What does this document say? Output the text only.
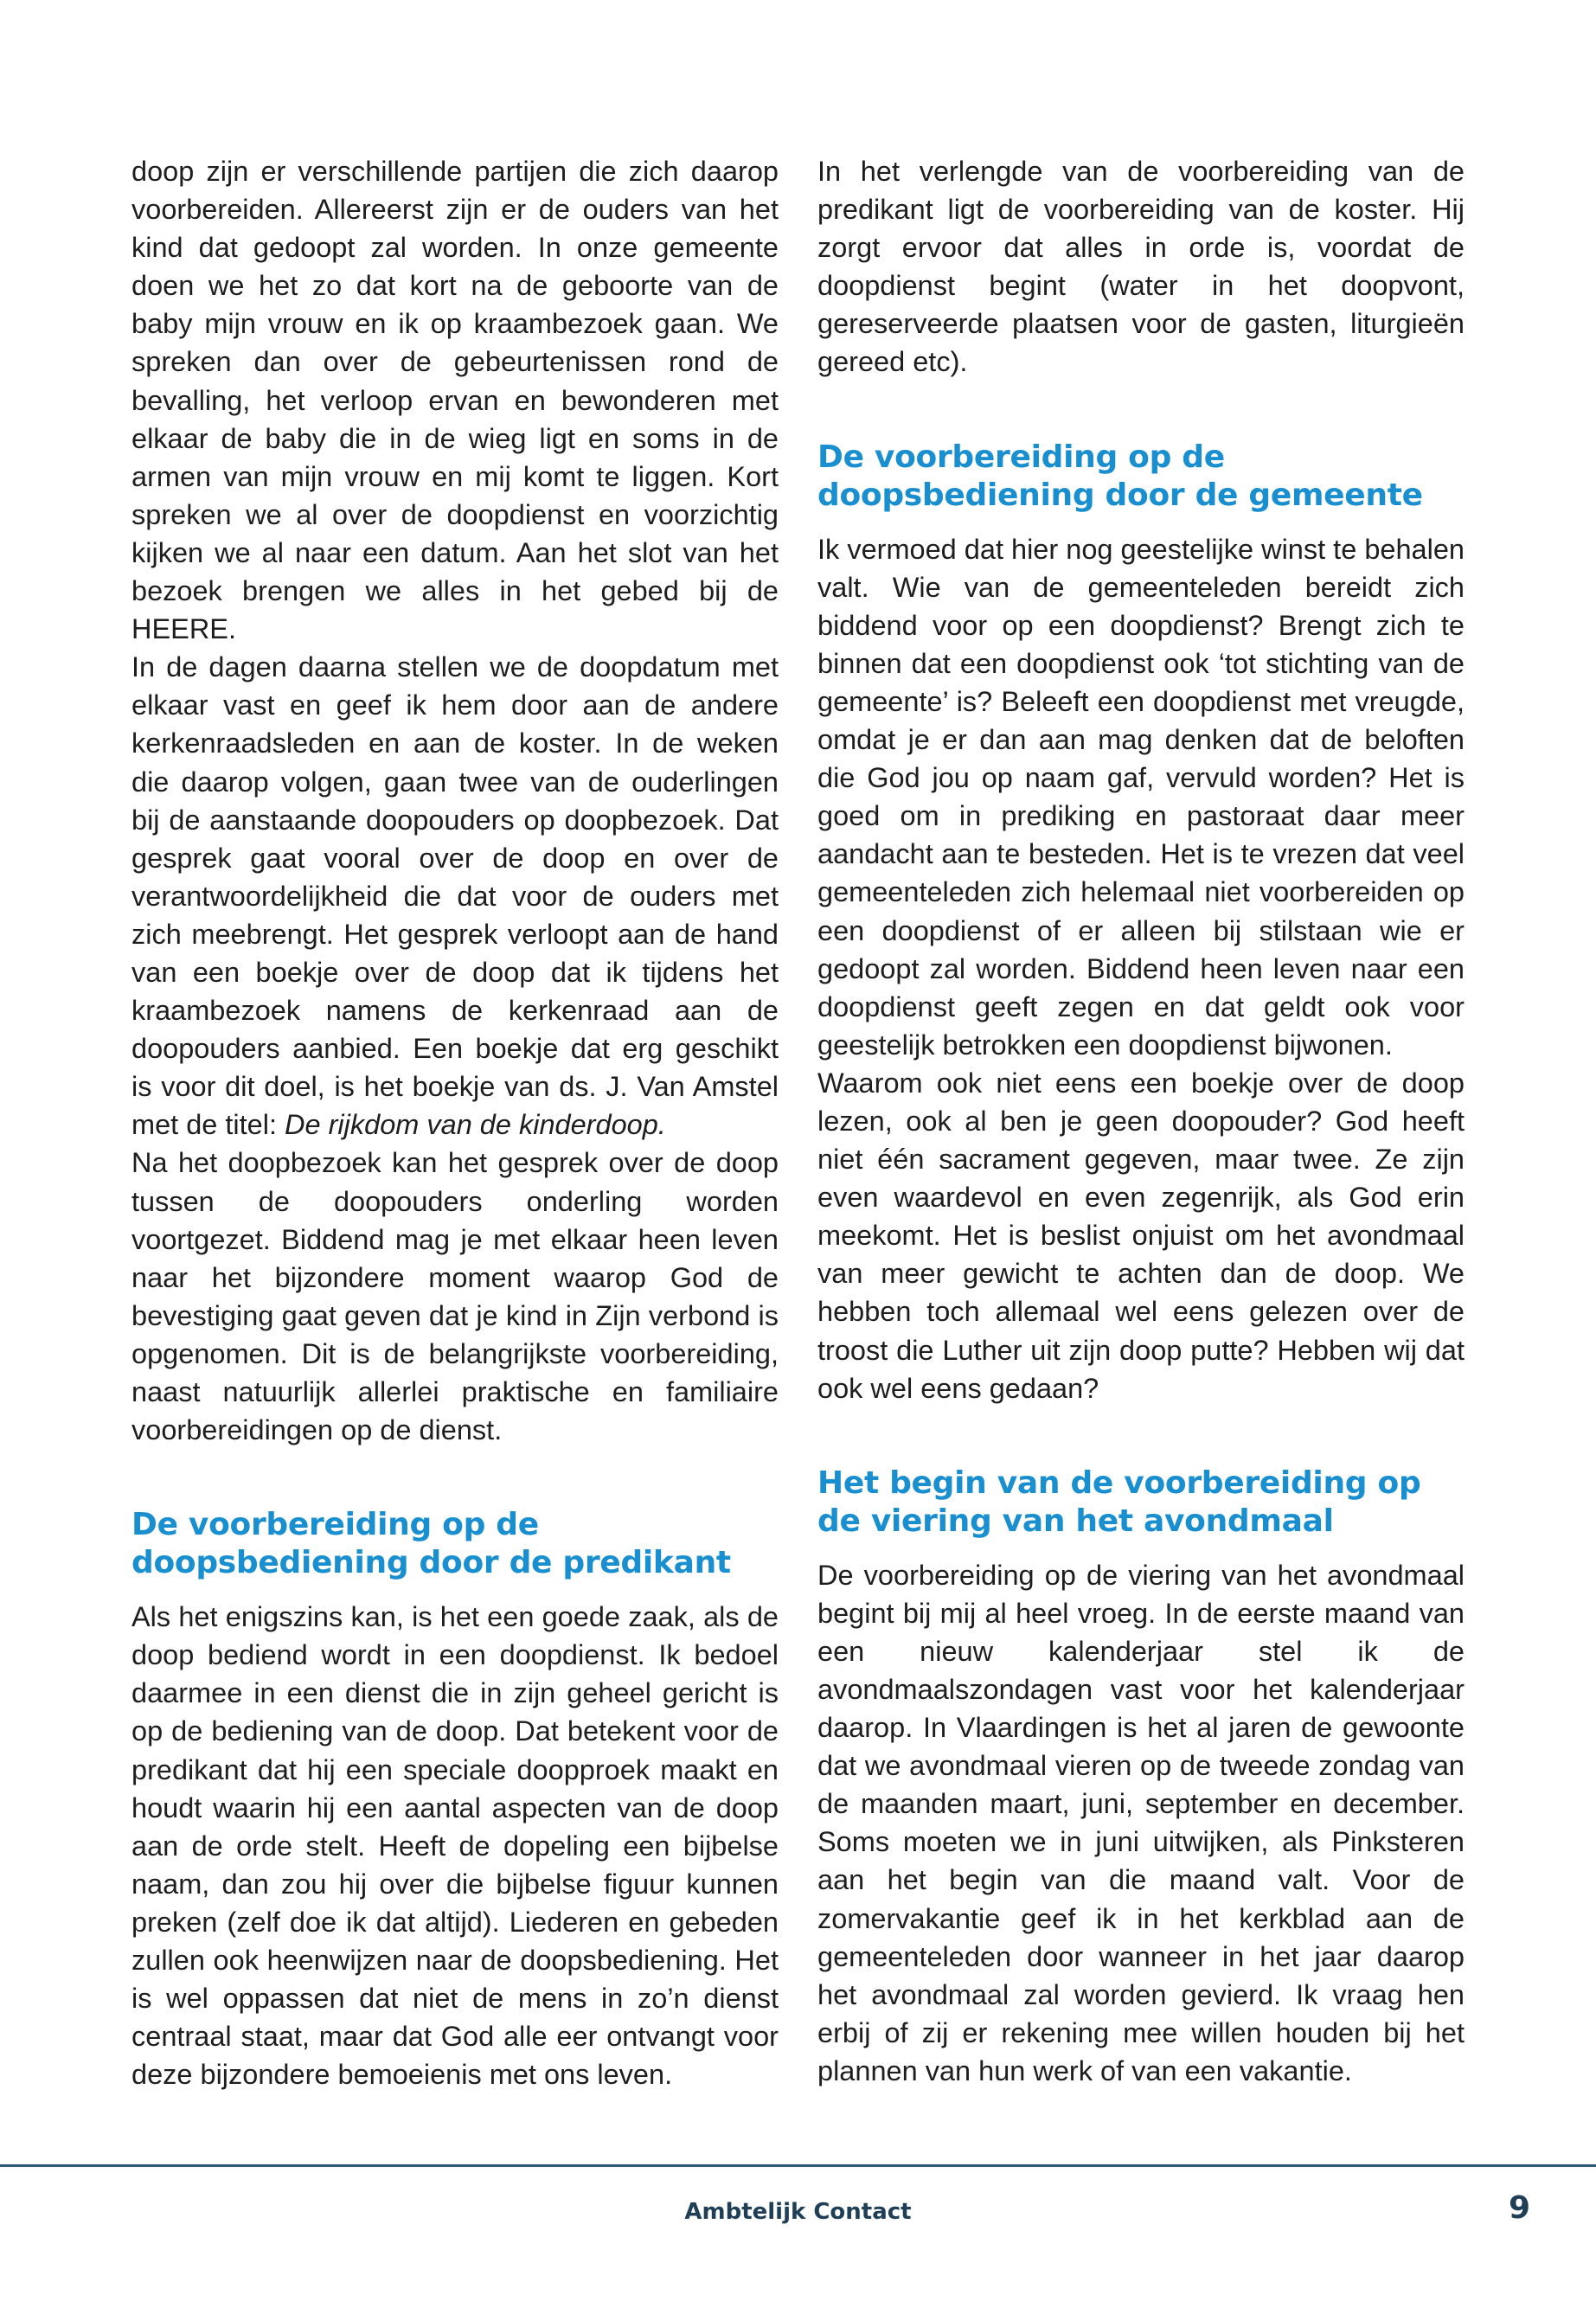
doop zijn er verschillende partijen die zich daarop voorbereiden. Allereerst zijn er de ouders van het kind dat gedoopt zal worden. In onze gemeente doen we het zo dat kort na de geboorte van de baby mijn vrouw en ik op kraambezoek gaan. We spreken dan over de gebeurtenissen rond de bevalling, het verloop ervan en bewonderen met elkaar de baby die in de wieg ligt en soms in de armen van mijn vrouw en mij komt te liggen. Kort spreken we al over de doopdienst en voorzichtig kijken we al naar een datum. Aan het slot van het bezoek brengen we alles in het gebed bij de HEERE.

In de dagen daarna stellen we de doopdatum met elkaar vast en geef ik hem door aan de andere kerkenraadsleden en aan de koster. In de weken die daarop volgen, gaan twee van de ouderlingen bij de aanstaande doopouders op doopbezoek. Dat gesprek gaat vooral over de doop en over de verantwoordelijkheid die dat voor de ouders met zich meebrengt. Het gesprek verloopt aan de hand van een boekje over de doop dat ik tijdens het kraambezoek namens de kerkenraad aan de doopouders aanbied. Een boekje dat erg geschikt is voor dit doel, is het boekje van ds. J. Van Amstel met de titel: De rijkdom van de kinderdoop.

Na het doopbezoek kan het gesprek over de doop tussen de doopouders onderling worden voortgezet. Biddend mag je met elkaar heen leven naar het bijzondere moment waarop God de bevestiging gaat geven dat je kind in Zijn verbond is opgenomen. Dit is de belangrijkste voorbereiding, naast natuurlijk allerlei praktische en familiaire voorbereidingen op de dienst.

De voorbereiding op de
doopsbediening door de predikant

Als het enigszins kan, is het een goede zaak, als de doop bediend wordt in een doopdienst. Ik bedoel daarmee in een dienst die in zijn geheel gericht is op de bediening van de doop. Dat betekent voor de predikant dat hij een speciale doopproek maakt en houdt waarin hij een aantal aspecten van de doop aan de orde stelt. Heeft de dopeling een bijbelse naam, dan zou hij over die bijbelse figuur kunnen preken (zelf doe ik dat altijd). Liederen en gebeden zullen ook heenwijzen naar de doopsbediening. Het is wel oppassen dat niet de mens in zo’n dienst centraal staat, maar dat God alle eer ontvangt voor deze bijzondere bemoeienis met ons leven.

In het verlengde van de voorbereiding van de predikant ligt de voorbereiding van de koster. Hij zorgt ervoor dat alles in orde is, voordat de doopdienst begint (water in het doopvont, gereserveerde plaatsen voor de gasten, liturgieën gereed etc).

De voorbereiding op de
doopsbediening door de gemeente

Ik vermoed dat hier nog geestelijke winst te behalen valt. Wie van de gemeenteleden bereidt zich biddend voor op een doopdienst? Brengt zich te binnen dat een doopdienst ook ‘tot stichting van de gemeente’ is? Beleeft een doopdienst met vreugde, omdat je er dan aan mag denken dat de beloften die God jou op naam gaf, vervuld worden? Het is goed om in prediking en pastoraat daar meer aandacht aan te besteden. Het is te vrezen dat veel gemeenteleden zich helemaal niet voorbereiden op een doopdienst of er alleen bij stilstaan wie er gedoopt zal worden. Biddend heen leven naar een doopdienst geeft zegen en dat geldt ook voor geestelijk betrokken een doopdienst bijwonen.

Waarom ook niet eens een boekje over de doop lezen, ook al ben je geen doopouder? God heeft niet één sacrament gegeven, maar twee. Ze zijn even waardevol en even zegenrijk, als God erin meekomt. Het is beslist onjuist om het avondmaal van meer gewicht te achten dan de doop. We hebben toch allemaal wel eens gelezen over de troost die Luther uit zijn doop putte? Hebben wij dat ook wel eens gedaan?

Het begin van de voorbereiding op
de viering van het avondmaal

De voorbereiding op de viering van het avondmaal begint bij mij al heel vroeg. In de eerste maand van een nieuw kalenderjaar stel ik de avondmaalszondagen vast voor het kalenderjaar daarop. In Vlaardingen is het al jaren de gewoonte dat we avondmaal vieren op de tweede zondag van de maanden maart, juni, september en december. Soms moeten we in juni uitwijken, als Pinksteren aan het begin van die maand valt. Voor de zomervakantie geef ik in het kerkblad aan de gemeenteleden door wanneer in het jaar daarop het avondmaal zal worden gevierd. Ik vraag hen erbij of zij er rekening mee willen houden bij het plannen van hun werk of van een vakantie.

Ambtelijk Contact	9
